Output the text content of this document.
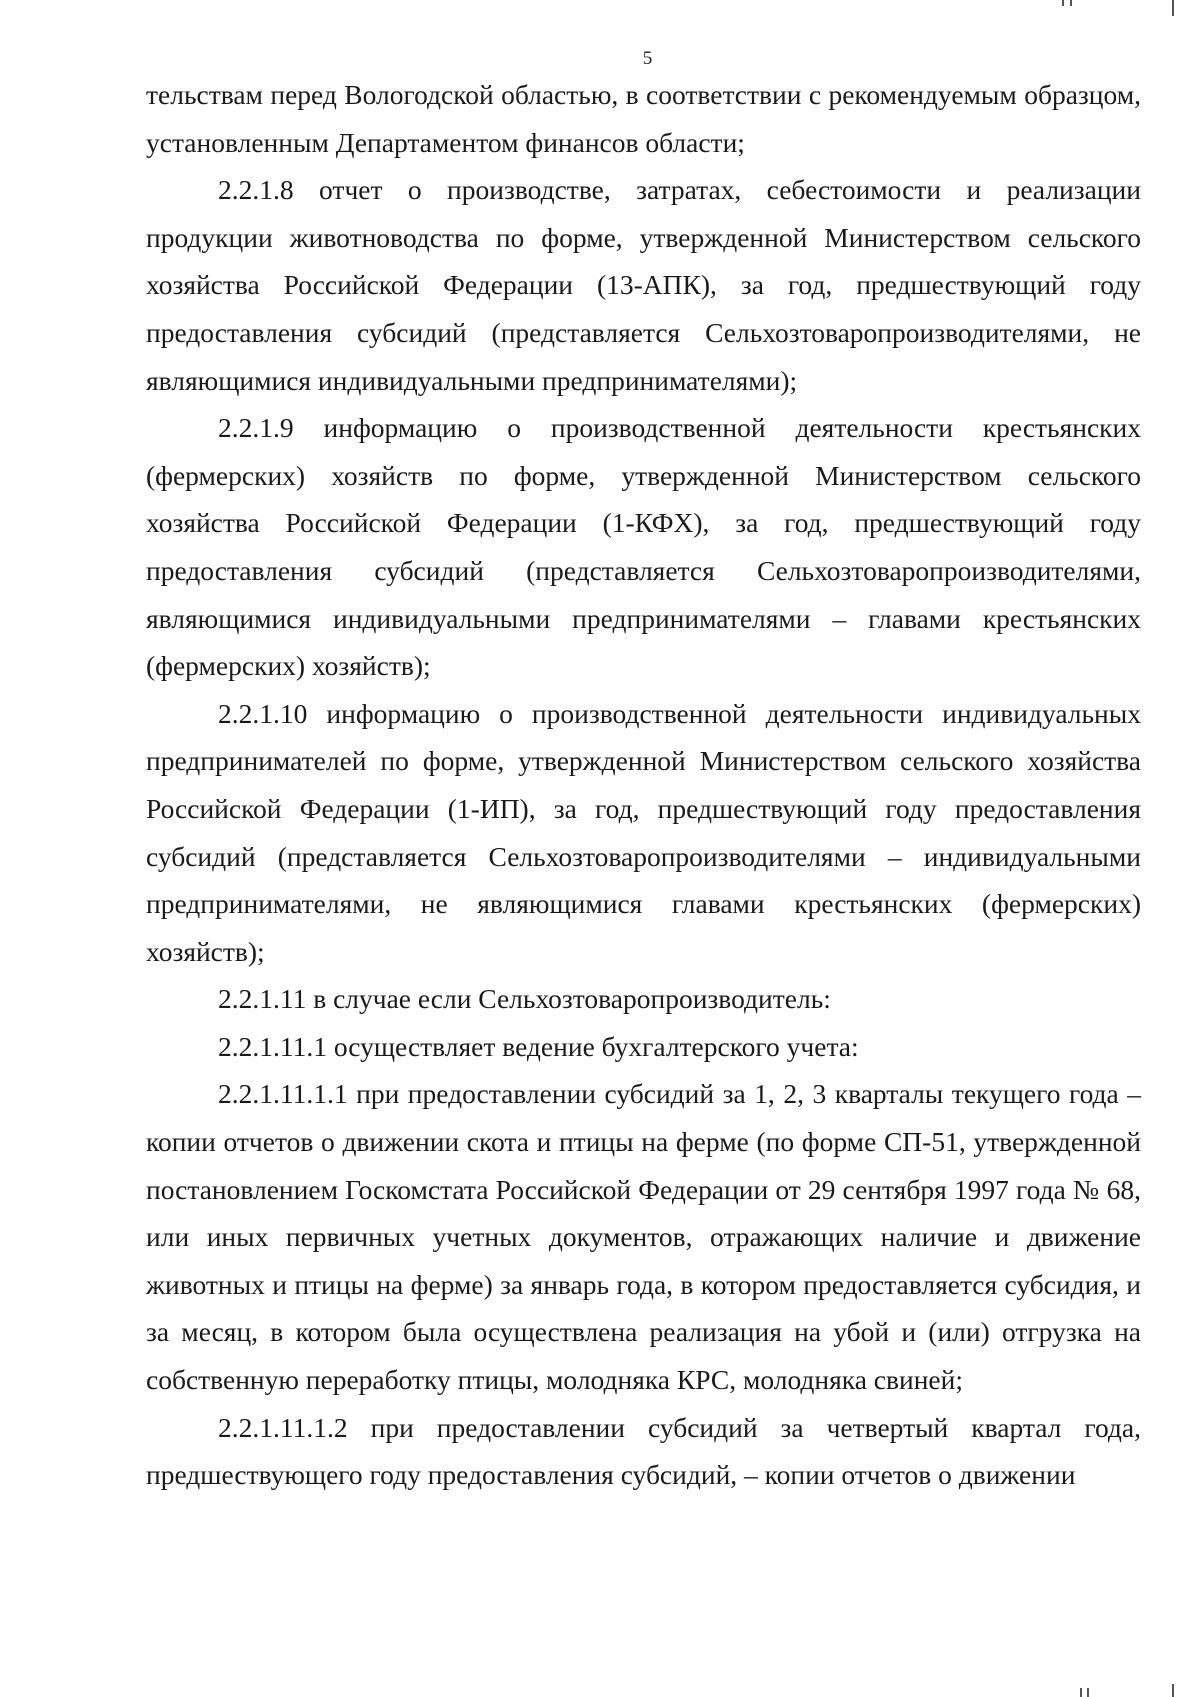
5

тельствам перед Вологодской областью, в соответствии с рекомендуемым образцом, установленным Департаментом финансов области;

2.2.1.8 отчет о производстве, затратах, себестоимости и реализации продукции животноводства по форме, утвержденной Министерством сельского хозяйства Российской Федерации (13-АПК), за год, предшествующий году предоставления субсидий (представляется Сельхозтоваропроизводителями, не являющимися индивидуальными предпринимателями);

2.2.1.9 информацию о производственной деятельности крестьянских (фермерских) хозяйств по форме, утвержденной Министерством сельского хозяйства Российской Федерации (1-КФХ), за год, предшествующий году предоставления субсидий (представляется Сельхозтоваропроизводителями, являющимися индивидуальными предпринимателями – главами крестьянских (фермерских) хозяйств);

2.2.1.10 информацию о производственной деятельности индивидуальных предпринимателей по форме, утвержденной Министерством сельского хозяйства Российской Федерации (1-ИП), за год, предшествующий году предоставления субсидий (представляется Сельхозтоваропроизводителями – индивидуальными предпринимателями, не являющимися главами крестьянских (фермерских) хозяйств);

2.2.1.11 в случае если Сельхозтоваропроизводитель:

2.2.1.11.1 осуществляет ведение бухгалтерского учета:

2.2.1.11.1.1 при предоставлении субсидий за 1, 2, 3 кварталы текущего года – копии отчетов о движении скота и птицы на ферме (по форме СП-51, утвержденной постановлением Госкомстата Российской Федерации от 29 сентября 1997 года № 68, или иных первичных учетных документов, отражающих наличие и движение животных и птицы на ферме) за январь года, в котором предоставляется субсидия, и за месяц, в котором была осуществлена реализация на убой и (или) отгрузка на собственную переработку птицы, молодняка КРС, молодняка свиней;

2.2.1.11.1.2 при предоставлении субсидий за четвертый квартал года, предшествующего году предоставления субсидий, – копии отчетов о движении
